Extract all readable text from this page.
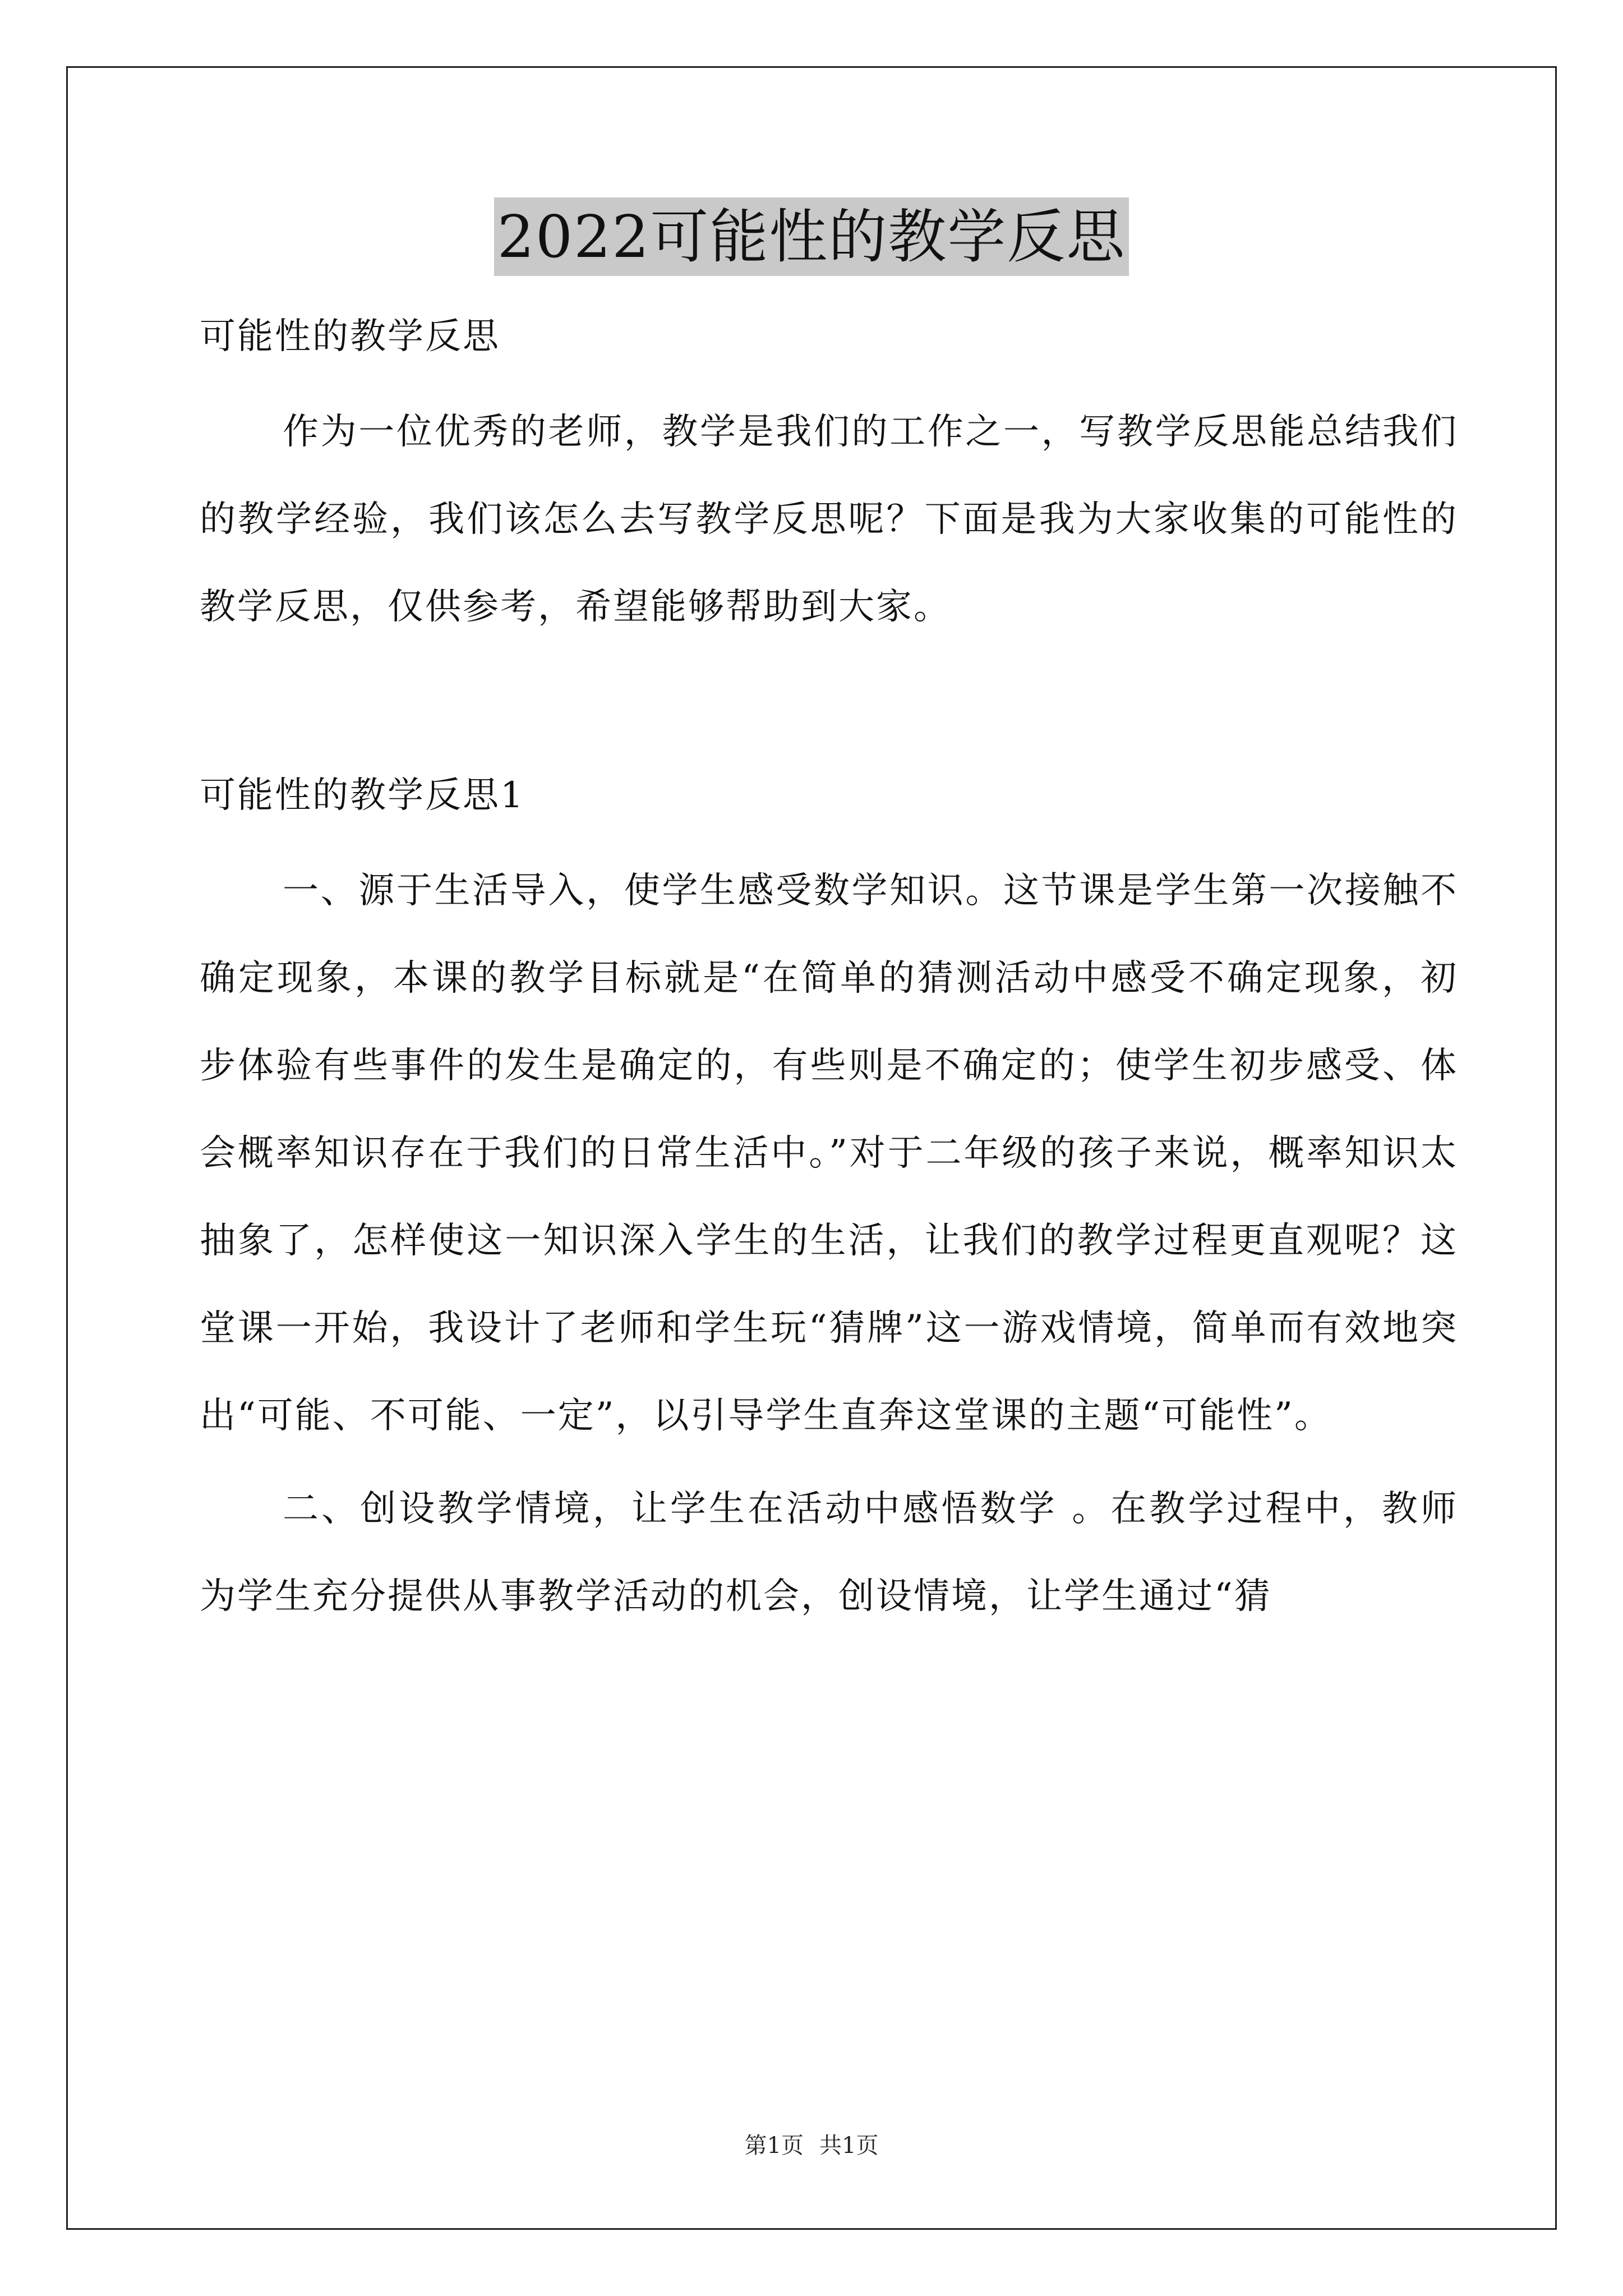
2022可能性的教学反思

可能性的教学反思

作为一位优秀的老师，教学是我们的工作之一，写教学反思能总结我们的教学经验，我们该怎么去写教学反思呢？下面是我为大家收集的可能性的教学反思，仅供参考，希望能够帮助到大家。

可能性的教学反思1

一、源于生活导入，使学生感受数学知识。这节课是学生第一次接触不确定现象，本课的教学目标就是“在简单的猜测活动中感受不确定现象，初步体验有些事件的发生是确定的，有些则是不确定的；使学生初步感受、体会概率知识存在于我们的日常生活中。”对于二年级的孩子来说，概率知识太抽象了，怎样使这一知识深入学生的生活，让我们的教学过程更直观呢？这堂课一开始，我设计了老师和学生玩“猜牌”这一游戏情境，简单而有效地突出“可能、不可能、一定”，以引导学生直奔这堂课的主题“可能性”。

二、创设教学情境，让学生在活动中感悟数学 。在教学过程中，教师为学生充分提供从事教学活动的机会，创设情境，让学生通过“猜

第1页 共1页
